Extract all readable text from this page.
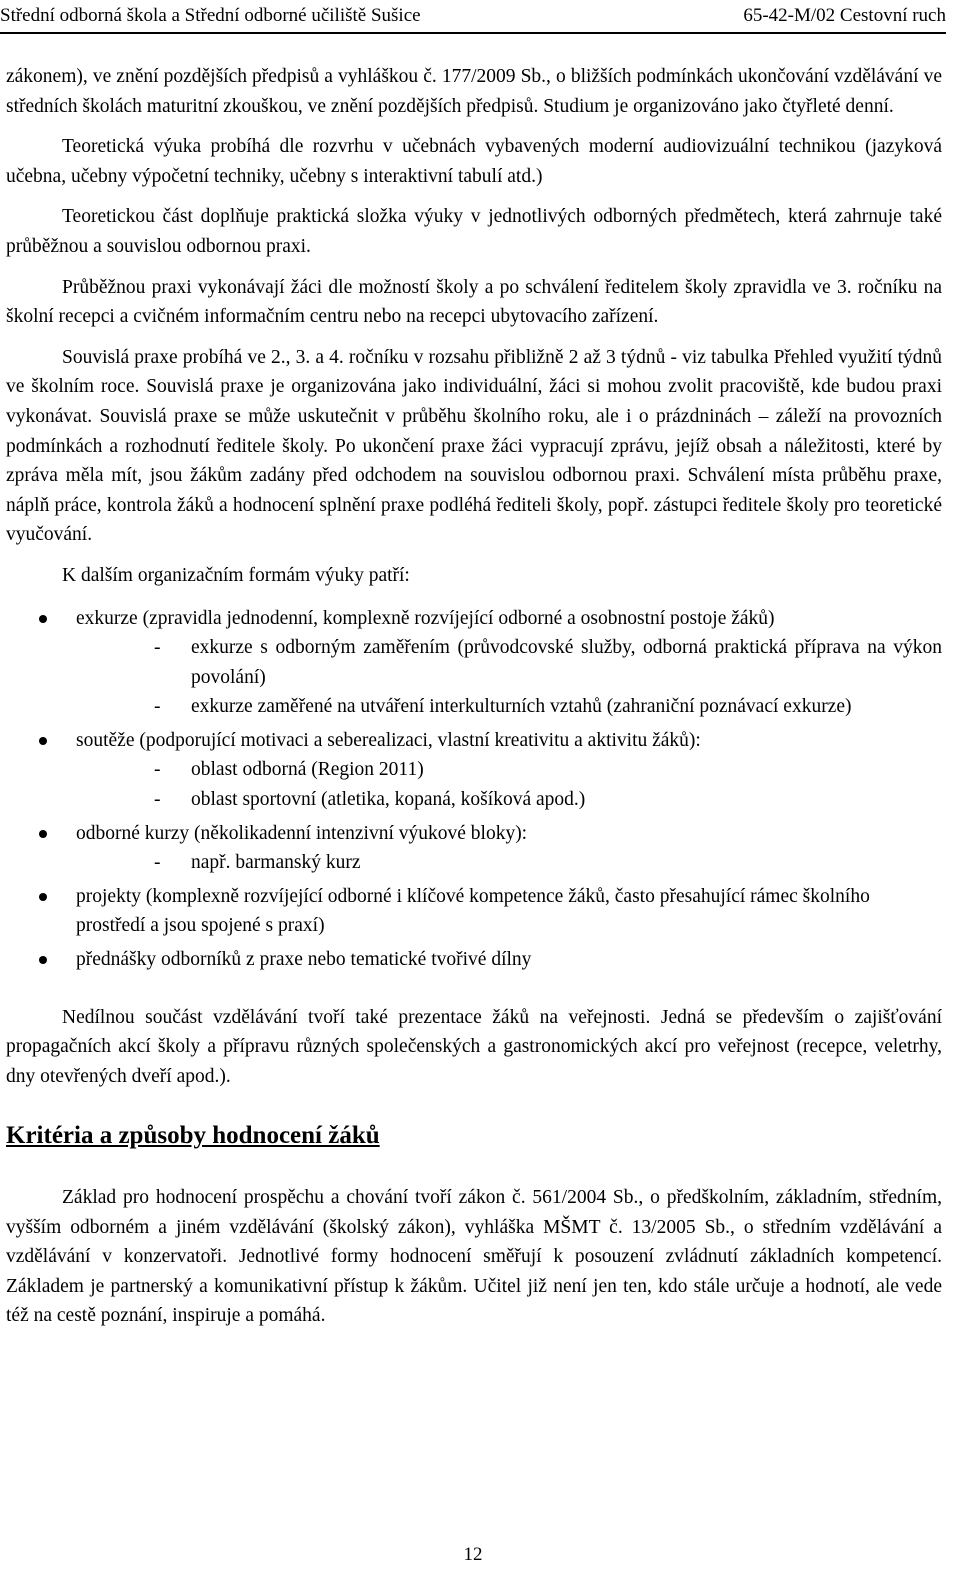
Střední odborná škola a Střední odborné učiliště Sušice	65-42-M/02 Cestovní ruch

zákonem), ve znění pozdějších předpisů a vyhláškou č. 177/2009 Sb., o bližších podmínkách ukončování vzdělávání ve středních školách maturitní zkouškou, ve znění pozdějších předpisů. Studium je organizováno jako čtyřleté denní.

Teoretická výuka probíhá dle rozvrhu v učebnách vybavených moderní audiovizuální technikou (jazyková učebna, učebny výpočetní techniky, učebny s interaktivní tabulí atd.)

Teoretickou část doplňuje praktická složka výuky v jednotlivých odborných předmětech, která zahrnuje také průběžnou a souvislou odbornou praxi.

Průběžnou praxi vykonávají žáci dle možností školy a po schválení ředitelem školy zpravidla ve 3. ročníku na školní recepci a cvičném informačním centru nebo na recepci ubytovacího zařízení.

Souvislá praxe probíhá ve 2., 3. a 4. ročníku v rozsahu přibližně 2 až 3 týdnů - viz tabulka Přehled využití týdnů ve školním roce. Souvislá praxe je organizována jako individuální, žáci si mohou zvolit pracoviště, kde budou praxi vykonávat. Souvislá praxe se může uskutečnit v průběhu školního roku, ale i o prázdninách – záleží na provozních podmínkách a rozhodnutí ředitele školy. Po ukončení praxe žáci vypracují zprávu, jejíž obsah a náležitosti, které by zpráva měla mít, jsou žákům zadány před odchodem na souvislou odbornou praxi. Schválení místa průběhu praxe, náplň práce, kontrola žáků a hodnocení splnění praxe podléhá řediteli školy, popř. zástupci ředitele školy pro teoretické vyučování.

K dalším organizačním formám výuky patří:
exkurze (zpravidla jednodenní, komplexně rozvíjející odborné a osobnostní postoje žáků)
- exkurze s odborným zaměřením (průvodcovské služby, odborná praktická příprava na výkon povolání)
- exkurze zaměřené na utváření interkulturních vztahů (zahraniční poznávací exkurze)
soutěže (podporující motivaci a seberealizaci, vlastní kreativitu a aktivitu žáků):
- oblast odborná (Region 2011)
- oblast sportovní (atletika, kopaná, košíková apod.)
odborné kurzy (několikadenní intenzivní výukové bloky):
- např. barmanský kurz
projekty (komplexně rozvíjející odborné i klíčové kompetence žáků, často přesahující rámec školního prostředí a jsou spojené s praxí)
přednášky odborníků z praxe nebo tematické tvořivé dílny

Nedílnou součást vzdělávání tvoří také prezentace žáků na veřejnosti. Jedná se především o zajišťování propagačních akcí školy a přípravu různých společenských a gastronomických akcí pro veřejnost (recepce, veletrhy, dny otevřených dveří apod.).

Kritéria a způsoby hodnocení žáků

Základ pro hodnocení prospěchu a chování tvoří zákon č. 561/2004 Sb., o předškolním, základním, středním, vyšším odborném a jiném vzdělávání (školský zákon), vyhláška MŠMT č. 13/2005 Sb., o středním vzdělávání a vzdělávání v konzervatoři. Jednotlivé formy hodnocení směřují k posouzení zvládnutí základních kompetencí. Základem je partnerský a komunikativní přístup k žákům. Učitel již není jen ten, kdo stále určuje a hodnotí, ale vede též na cestě poznání, inspiruje a pomáhá.

12
